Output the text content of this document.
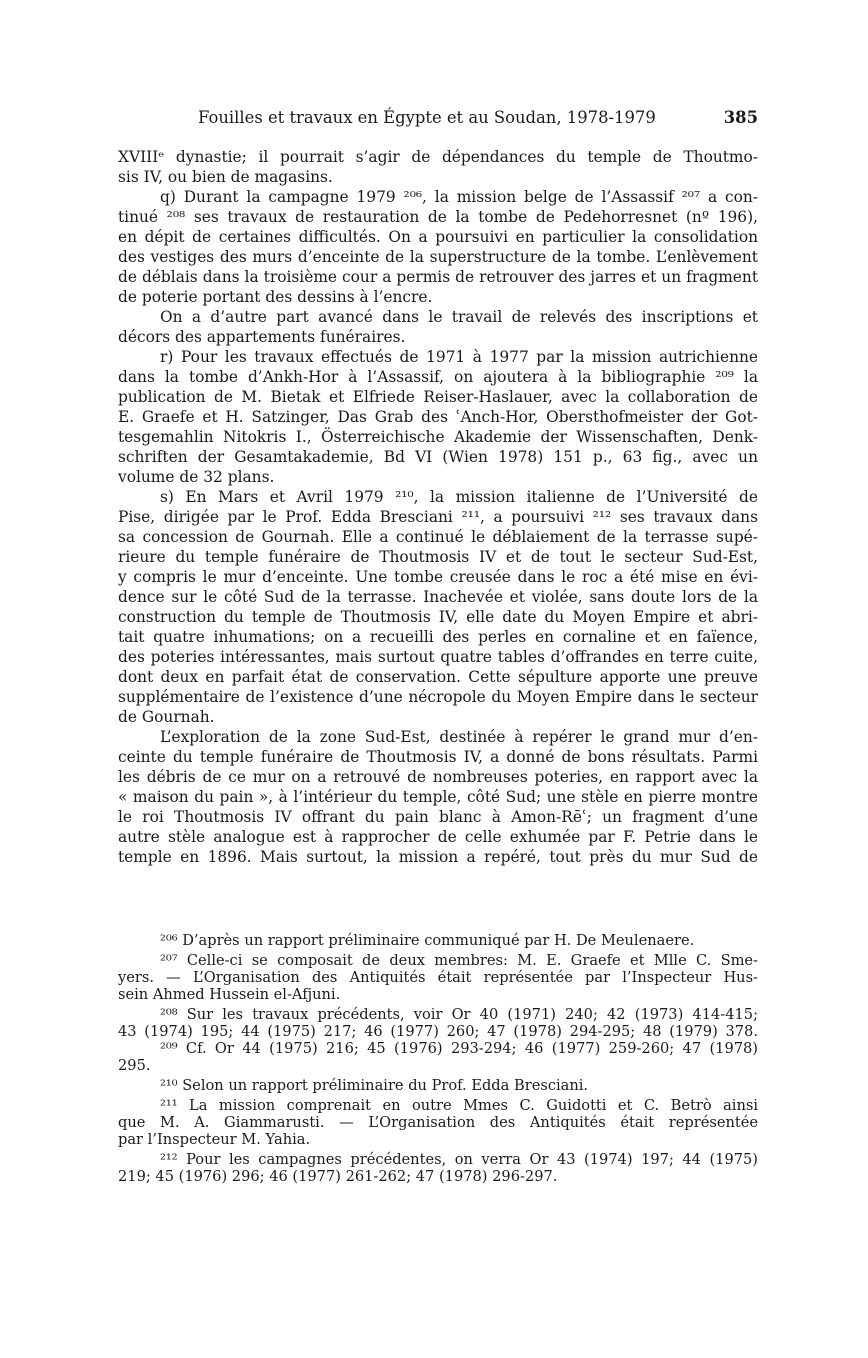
Fouilles et travaux en Égypte et au Soudan, 1978-1979	385
XVIIIᵉ dynastie; il pourrait s’agir de dépendances du temple de Thoutmo-
sis IV, ou bien de magasins.
q) Durant la campagne 1979 ²⁰⁶, la mission belge de l’Assassif ²⁰⁷ a con-
tinué ²⁰⁸ ses travaux de restauration de la tombe de Pedehorresnet (nº 196),
en dépit de certaines difficultés. On a poursuivi en particulier la consolidation
des vestiges des murs d’enceinte de la superstructure de la tombe. L’enlèvement
de déblais dans la troisième cour a permis de retrouver des jarres et un fragment
de poterie portant des dessins à l’encre.
On a d’autre part avancé dans le travail de relevés des inscriptions et
décors des appartements funéraires.
r) Pour les travaux effectués de 1971 à 1977 par la mission autrichienne
dans la tombe d’Ankh-Hor à l’Assassif, on ajoutera à la bibliographie ²⁰⁹ la
publication de M. Bietak et Elfriede Reiser-Haslauer, avec la collaboration de
E. Graefe et H. Satzinger, Das Grab des ʿAnch-Hor, Obersthofmeister der Got-
tesgemahlin Nitokris I., Österreichische Akademie der Wissenschaften, Denk-
schriften der Gesamtakademie, Bd VI (Wien 1978) 151 p., 63 fig., avec un
volume de 32 plans.
s) En Mars et Avril 1979 ²¹⁰, la mission italienne de l’Université de
Pise, dirigée par le Prof. Edda Bresciani ²¹¹, a poursuivi ²¹² ses travaux dans
sa concession de Gournah. Elle a continué le déblaiement de la terrasse supé-
rieure du temple funéraire de Thoutmosis IV et de tout le secteur Sud-Est,
y compris le mur d’enceinte. Une tombe creusée dans le roc a été mise en évi-
dence sur le côté Sud de la terrasse. Inachevée et violée, sans doute lors de la
construction du temple de Thoutmosis IV, elle date du Moyen Empire et abri-
tait quatre inhumations; on a recueilli des perles en cornaline et en faïence,
des poteries intéressantes, mais surtout quatre tables d’offrandes en terre cuite,
dont deux en parfait état de conservation. Cette sépulture apporte une preuve
supplémentaire de l’existence d’une nécropole du Moyen Empire dans le secteur
de Gournah.
L’exploration de la zone Sud-Est, destinée à repérer le grand mur d’en-
ceinte du temple funéraire de Thoutmosis IV, a donné de bons résultats. Parmi
les débris de ce mur on a retrouvé de nombreuses poteries, en rapport avec la
« maison du pain », à l’intérieur du temple, côté Sud; une stèle en pierre montre
le roi Thoutmosis IV offrant du pain blanc à Amon-Rēʿ; un fragment d’une
autre stèle analogue est à rapprocher de celle exhumée par F. Petrie dans le
temple en 1896. Mais surtout, la mission a repéré, tout près du mur Sud de
²⁰⁶ D’après un rapport préliminaire communiqué par H. De Meulenaere.
²⁰⁷ Celle-ci se composait de deux membres: M. E. Graefe et Mlle C. Sme-
yers. — L’Organisation des Antiquités était représentée par l’Inspecteur Hus-
sein Ahmed Hussein el-Afjuni.
²⁰⁸ Sur les travaux précédents, voir Or 40 (1971) 240; 42 (1973) 414-415;
43 (1974) 195; 44 (1975) 217; 46 (1977) 260; 47 (1978) 294-295; 48 (1979) 378.
²⁰⁹ Cf. Or 44 (1975) 216; 45 (1976) 293-294; 46 (1977) 259-260; 47 (1978)
295.
²¹⁰ Selon un rapport préliminaire du Prof. Edda Bresciani.
²¹¹ La mission comprenait en outre Mmes C. Guidotti et C. Betrò ainsi
que M. A. Giammarusti. — L’Organisation des Antiquités était représentée
par l’Inspecteur M. Yahia.
²¹² Pour les campagnes précédentes, on verra Or 43 (1974) 197; 44 (1975)
219; 45 (1976) 296; 46 (1977) 261-262; 47 (1978) 296-297.
